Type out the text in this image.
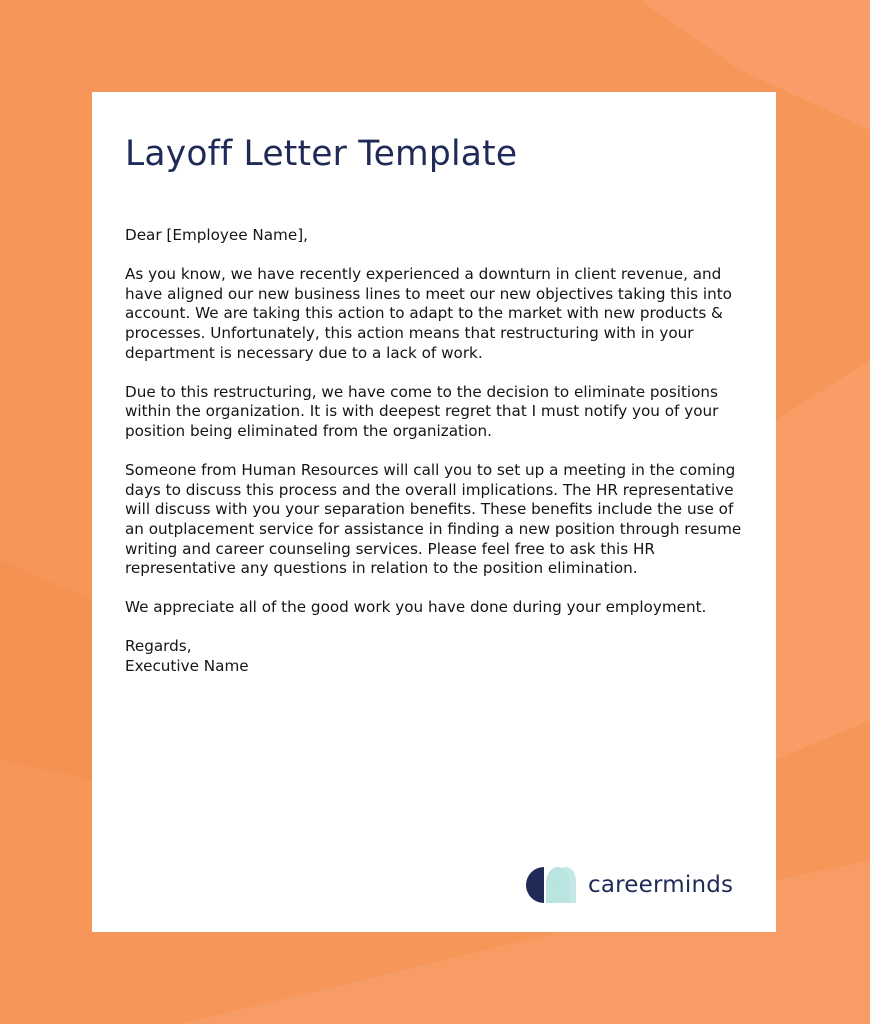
Layoff Letter Template

Dear [Employee Name],

As you know, we have recently experienced a downturn in client revenue, and
have aligned our new business lines to meet our new objectives taking this into
account. We are taking this action to adapt to the market with new products &
processes. Unfortunately, this action means that restructuring with in your
department is necessary due to a lack of work.

Due to this restructuring, we have come to the decision to eliminate positions
within the organization. It is with deepest regret that I must notify you of your
position being eliminated from the organization.

Someone from Human Resources will call you to set up a meeting in the coming
days to discuss this process and the overall implications. The HR representative
will discuss with you your separation benefits. These benefits include the use of
an outplacement service for assistance in finding a new position through resume
writing and career counseling services. Please feel free to ask this HR
representative any questions in relation to the position elimination.

We appreciate all of the good work you have done during your employment.

Regards,
Executive Name

careerminds
